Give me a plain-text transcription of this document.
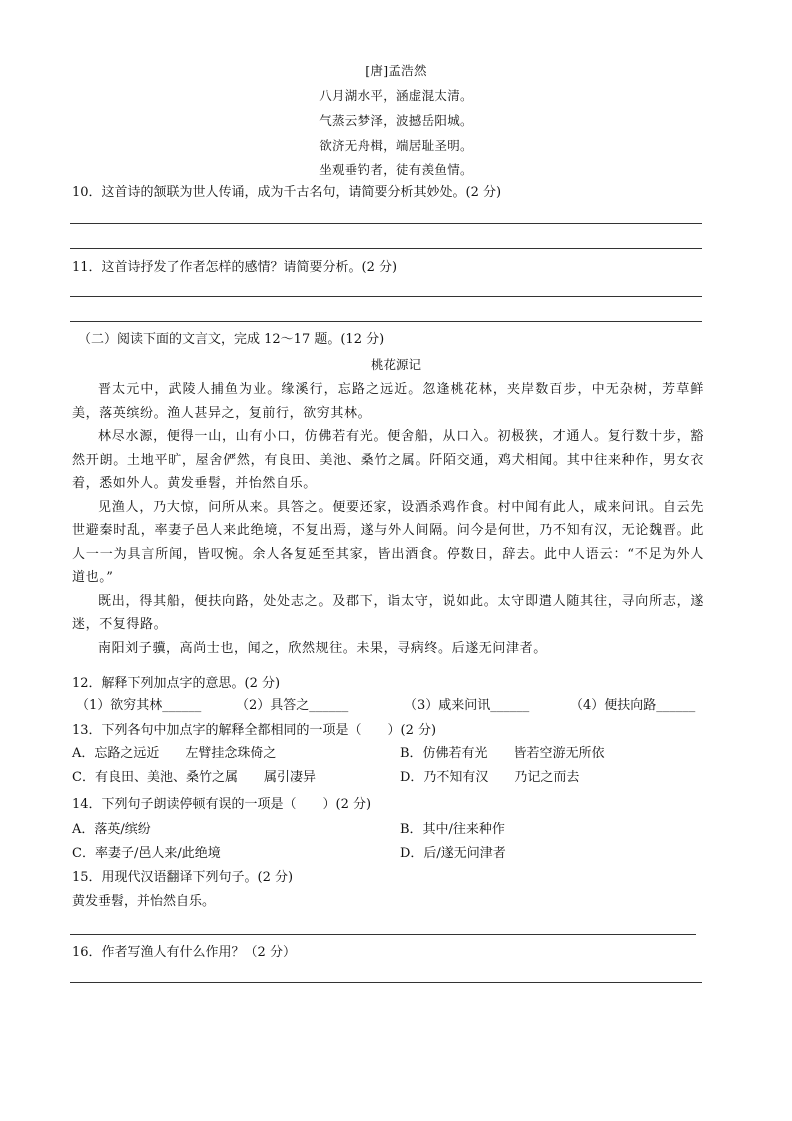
[唐]孟浩然
八月湖水平，涵虚混太清。
气蒸云梦泽，波撼岳阳城。
欲济无舟楫，端居耻圣明。
坐观垂钓者，徒有羡鱼情。
10．这首诗的颔联为世人传诵，成为千古名句，请简要分析其妙处。(2 分)
11．这首诗抒发了作者怎样的感情？请简要分析。(2 分)
（二）阅读下面的文言文，完成 12～17 题。(12 分)
桃花源记

晋太元中，武陵人捕鱼为业。缘溪行，忘路之远近。忽逢桃花林，夹岸数百步，中无杂树，芳草鲜美，落英缤纷。渔人甚异之，复前行，欲穷其林。

林尽水源，便得一山，山有小口，仿佛若有光。便舍船，从口入。初极狭，才通人。复行数十步，豁然开朗。土地平旷，屋舍俨然，有良田、美池、桑竹之属。阡陌交通，鸡犬相闻。其中往来种作，男女衣着，悉如外人。黄发垂髫，并怡然自乐。

见渔人，乃大惊，问所从来。具答之。便要还家，设酒杀鸡作食。村中闻有此人，咸来问讯。自云先世避秦时乱，率妻子邑人来此绝境，不复出焉，遂与外人间隔。问今是何世，乃不知有汉，无论魏晋。此人一一为具言所闻，皆叹惋。余人各复延至其家，皆出酒食。停数日，辞去。此中人语云：“不足为外人道也。”

既出，得其船，便扶向路，处处志之。及郡下，诣太守，说如此。太守即遣人随其往，寻向所志，遂迷，不复得路。

南阳刘子骥，高尚士也，闻之，欣然规往。未果，寻病终。后遂无问津者。

12．解释下列加点字的意思。(2 分)
（1）欲穷其林______	（2）具答之______	（3）咸来问讯______	（4）便扶向路______
13．下列各句中加点字的解释全都相同的一项是（　　）(2 分)
A．忘路之远近　　左臂挂念珠倚之	B．仿佛若有光　　皆若空游无所依
C．有良田、美池、桑竹之属　　属引凄异	D．乃不知有汉　　乃记之而去
14．下列句子朗读停顿有误的一项是（　　）(2 分)
A．落英/缤纷	B．其中/往来种作
C．率妻子/邑人来/此绝境	D．后/遂无问津者
15．用现代汉语翻译下列句子。(2 分)
黄发垂髫，并怡然自乐。
16．作者写渔人有什么作用？（2 分）
